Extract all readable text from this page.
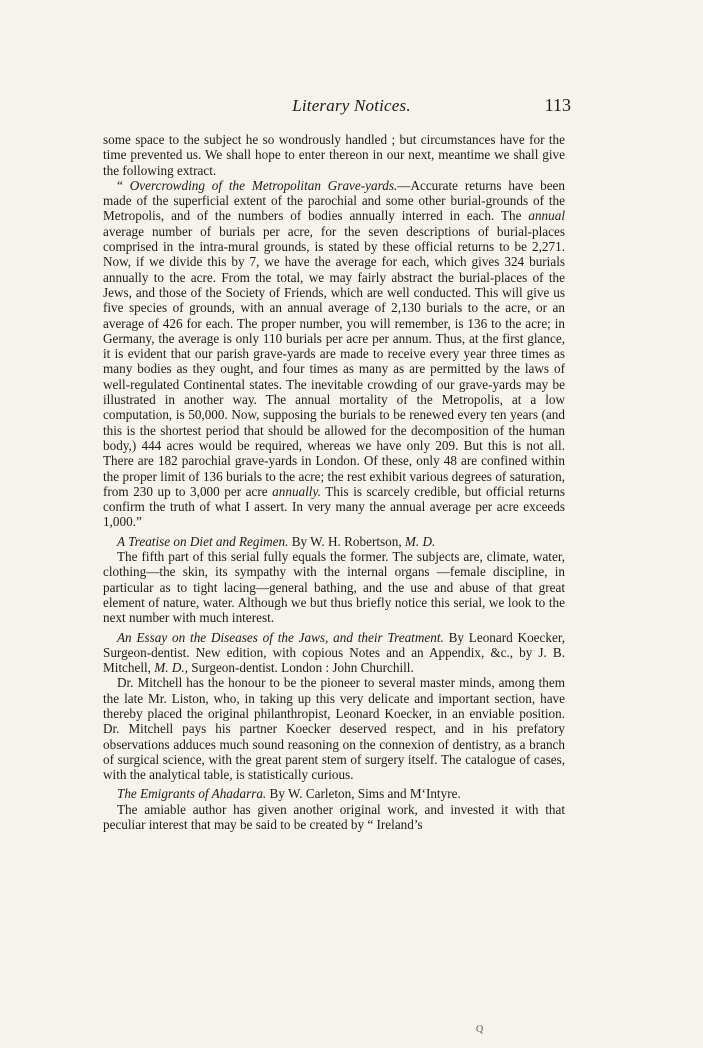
Literary Notices.	113

some space to the subject he so wondrously handled ; but circumstances have for the time prevented us. We shall hope to enter thereon in our next, meantime we shall give the following extract.

“ Overcrowding of the Metropolitan Grave-yards.—Accurate returns have been made of the superficial extent of the parochial and some other burial-grounds of the Metropolis, and of the numbers of bodies annually interred in each. The annual average number of burials per acre, for the seven descriptions of burial-places comprised in the intra-mural grounds, is stated by these official returns to be 2,271. Now, if we divide this by 7, we have the average for each, which gives 324 burials annually to the acre. From the total, we may fairly abstract the burial-places of the Jews, and those of the Society of Friends, which are well conducted. This will give us five species of grounds, with an annual average of 2,130 burials to the acre, or an average of 426 for each. The proper number, you will remember, is 136 to the acre; in Germany, the average is only 110 burials per acre per annum. Thus, at the first glance, it is evident that our parish grave-yards are made to receive every year three times as many bodies as they ought, and four times as many as are permitted by the laws of well-regulated Continental states. The inevitable crowding of our grave-yards may be illustrated in another way. The annual mortality of the Metropolis, at a low computation, is 50,000. Now, supposing the burials to be renewed every ten years (and this is the shortest period that should be allowed for the decomposition of the human body,) 444 acres would be required, whereas we have only 209. But this is not all. There are 182 parochial grave-yards in London. Of these, only 48 are confined within the proper limit of 136 burials to the acre; the rest exhibit various degrees of saturation, from 230 up to 3,000 per acre annually. This is scarcely credible, but official returns confirm the truth of what I assert. In very many the annual average per acre exceeds 1,000.”

A Treatise on Diet and Regimen. By W. H. Robertson, M. D.

The fifth part of this serial fully equals the former. The subjects are, climate, water, clothing—the skin, its sympathy with the internal organs —female discipline, in particular as to tight lacing—general bathing, and the use and abuse of that great element of nature, water. Although we but thus briefly notice this serial, we look to the next number with much interest.

An Essay on the Diseases of the Jaws, and their Treatment. By Leonard Koecker, Surgeon-dentist. New edition, with copious Notes and an Appendix, &c., by J. B. Mitchell, M. D., Surgeon-dentist. London : John Churchill.

Dr. Mitchell has the honour to be the pioneer to several master minds, among them the late Mr. Liston, who, in taking up this very delicate and important section, have thereby placed the original philanthropist, Leonard Koecker, in an enviable position. Dr. Mitchell pays his partner Koecker deserved respect, and in his prefatory observations adduces much sound reasoning on the connexion of dentistry, as a branch of surgical science, with the great parent stem of surgery itself. The catalogue of cases, with the analytical table, is statistically curious.

The Emigrants of Ahadarra. By W. Carleton, Sims and M‘Intyre.

The amiable author has given another original work, and invested it with that peculiar interest that may be said to be created by “ Ireland’s

Q
